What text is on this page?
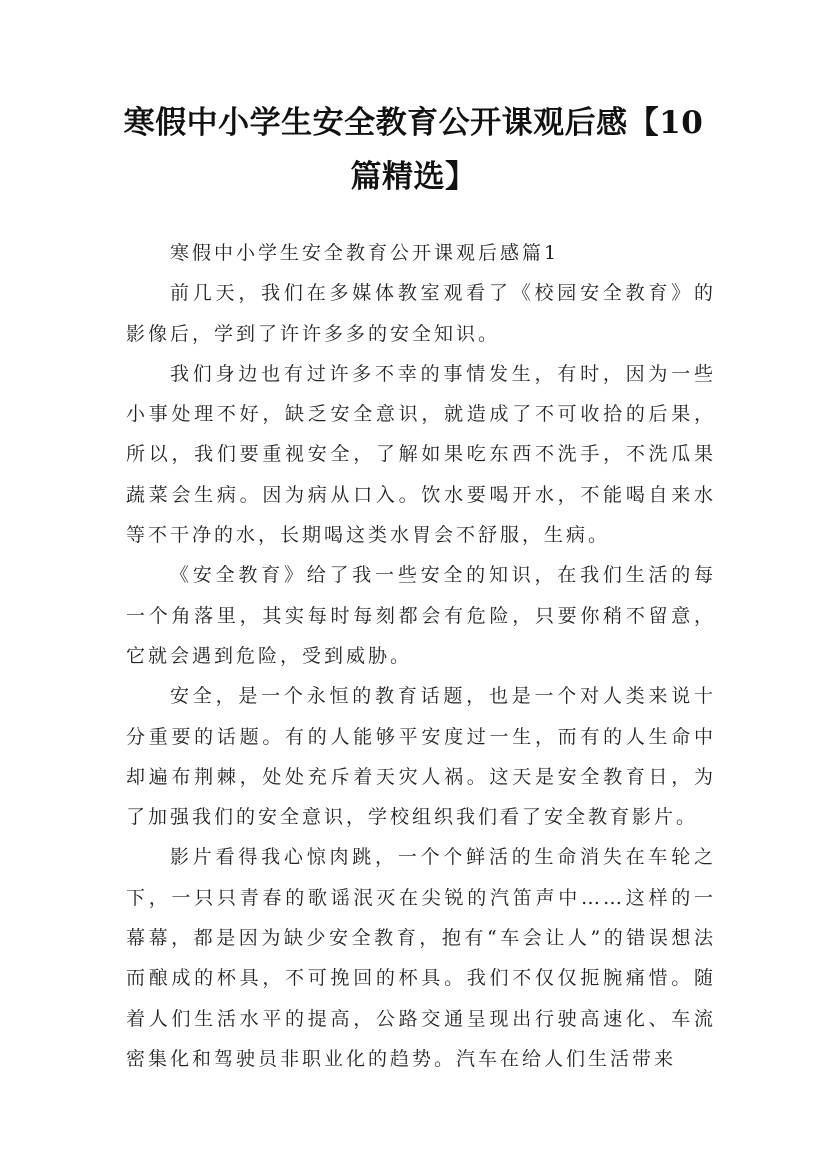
寒假中小学生安全教育公开课观后感【10篇精选】

寒假中小学生安全教育公开课观后感篇1

前几天，我们在多媒体教室观看了《校园安全教育》的影像后，学到了许许多多的安全知识。

我们身边也有过许多不幸的事情发生，有时，因为一些小事处理不好，缺乏安全意识，就造成了不可收拾的后果，所以，我们要重视安全，了解如果吃东西不洗手，不洗瓜果蔬菜会生病。因为病从口入。饮水要喝开水，不能喝自来水等不干净的水，长期喝这类水胃会不舒服，生病。

《安全教育》给了我一些安全的知识，在我们生活的每一个角落里，其实每时每刻都会有危险，只要你稍不留意，它就会遇到危险，受到威胁。

安全，是一个永恒的教育话题，也是一个对人类来说十分重要的话题。有的人能够平安度过一生，而有的人生命中却遍布荆棘，处处充斥着天灾人祸。这天是安全教育日，为了加强我们的安全意识，学校组织我们看了安全教育影片。

影片看得我心惊肉跳，一个个鲜活的生命消失在车轮之下，一只只青春的歌谣泯灭在尖锐的汽笛声中……这样的一幕幕，都是因为缺少安全教育，抱有“车会让人”的错误想法而酿成的杯具，不可挽回的杯具。我们不仅仅扼腕痛惜。随着人们生活水平的提高，公路交通呈现出行驶高速化、车流密集化和驾驶员非职业化的趋势。汽车在给人们生活带来
